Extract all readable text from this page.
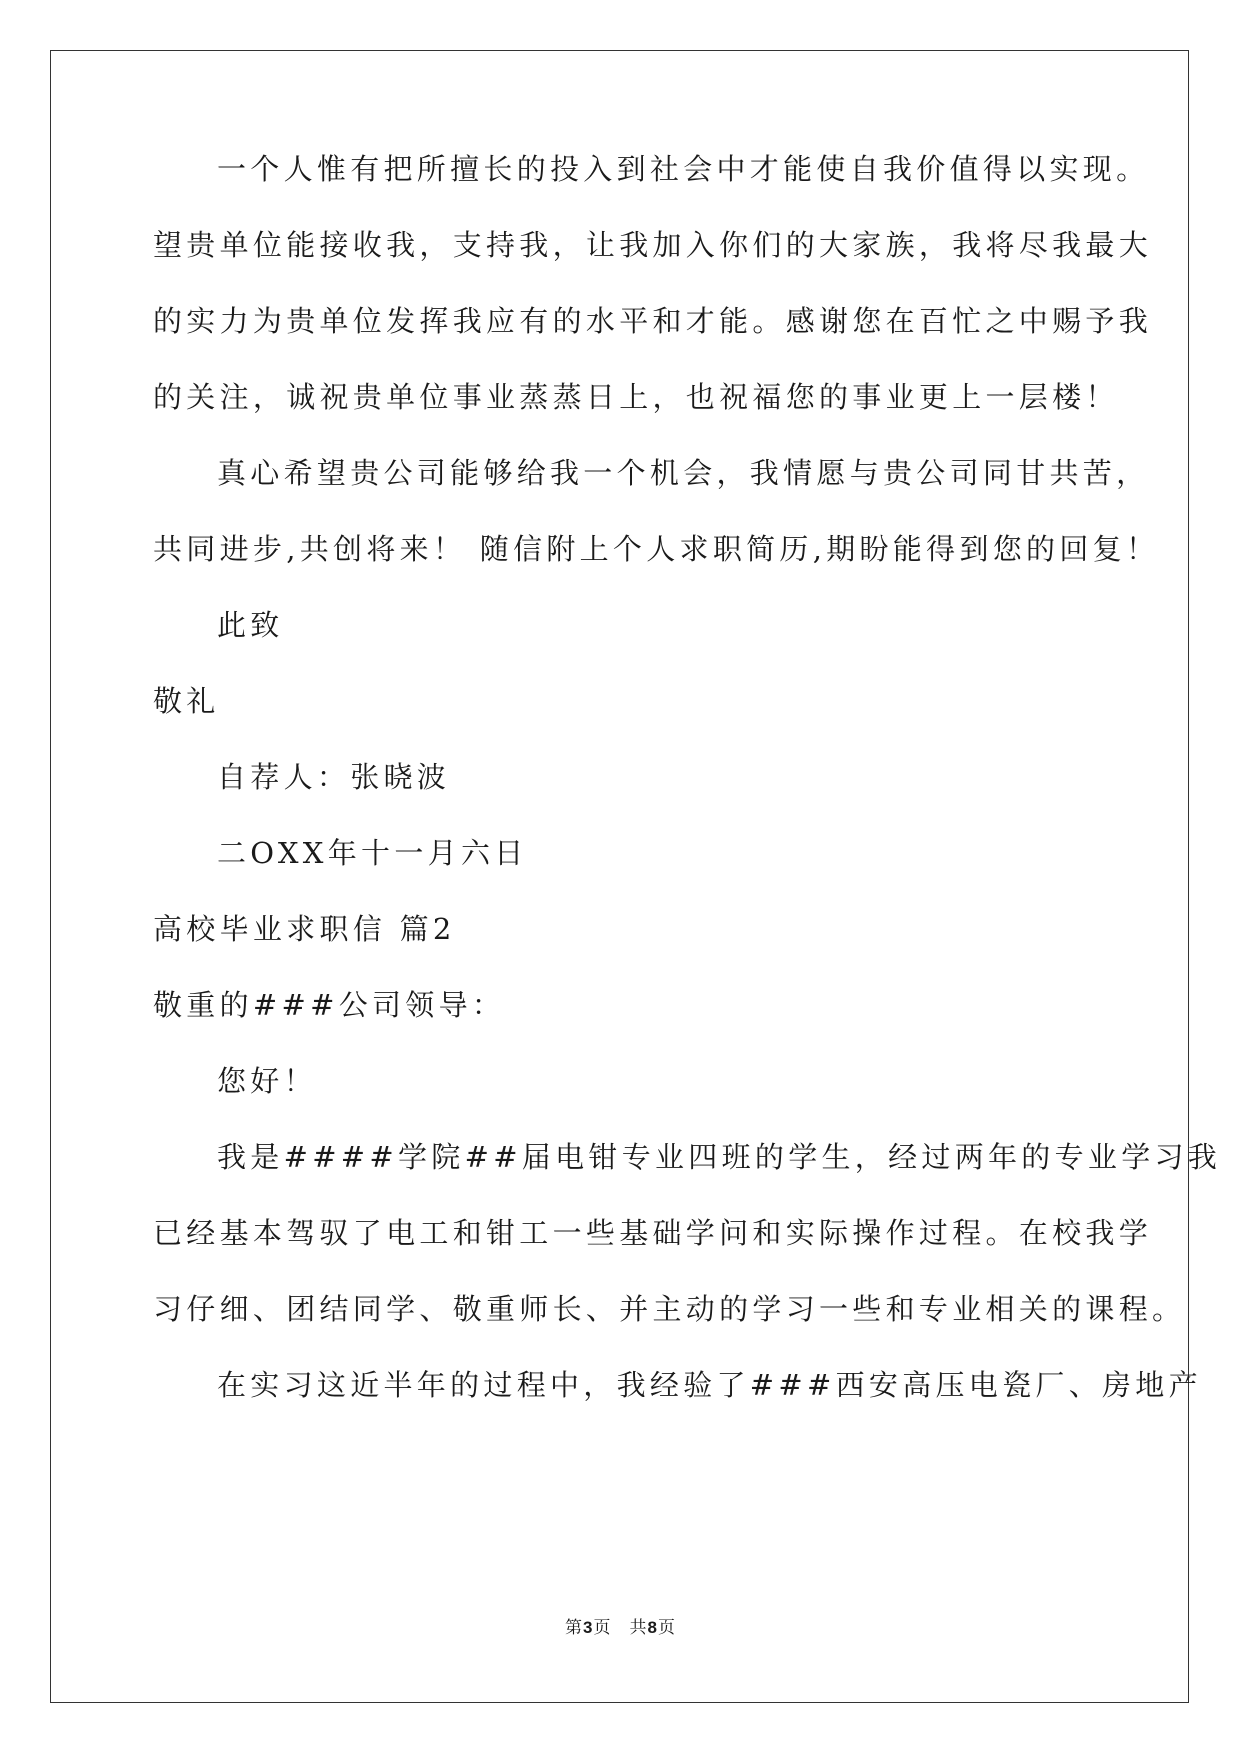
一个人惟有把所擅长的投入到社会中才能使自我价值得以实现。
望贵单位能接收我，支持我，让我加入你们的大家族，我将尽我最大
的实力为贵单位发挥我应有的水平和才能。感谢您在百忙之中赐予我
的关注，诚祝贵单位事业蒸蒸日上，也祝福您的事业更上一层楼！
真心希望贵公司能够给我一个机会，我情愿与贵公司同甘共苦，
共同进步,共创将来！ 随信附上个人求职简历,期盼能得到您的回复！
此致
敬礼
自荐人：张晓波
二OXX年十一月六日
高校毕业求职信 篇2
敬重的###公司领导：
您好！
我是####学院##届电钳专业四班的学生，经过两年的专业学习我
已经基本驾驭了电工和钳工一些基础学问和实际操作过程。在校我学
习仔细、团结同学、敬重师长、并主动的学习一些和专业相关的课程。
在实习这近半年的过程中，我经验了###西安高压电瓷厂、房地产
第3页 共8页
